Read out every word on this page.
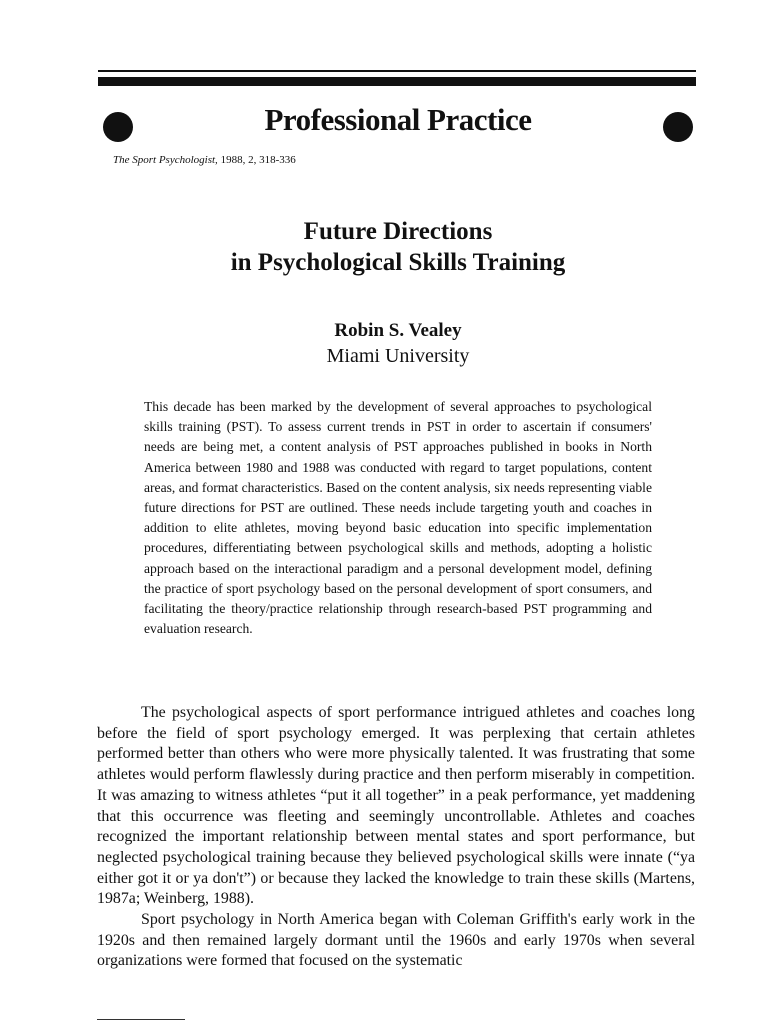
Professional Practice
The Sport Psychologist, 1988, 2, 318-336
Future Directions
in Psychological Skills Training
Robin S. Vealey
Miami University

This decade has been marked by the development of several approaches to psychological skills training (PST). To assess current trends in PST in order to ascertain if consumers' needs are being met, a content analysis of PST approaches published in books in North America between 1980 and 1988 was conducted with regard to target populations, content areas, and format characteristics. Based on the content analysis, six needs representing viable future directions for PST are outlined. These needs include targeting youth and coaches in addition to elite athletes, moving beyond basic education into specific implementation procedures, differentiating between psychological skills and methods, adopting a holistic approach based on the interactional paradigm and a personal development model, defining the practice of sport psychology based on the personal development of sport consumers, and facilitating the theory/practice relationship through research-based PST programming and evaluation research.

The psychological aspects of sport performance intrigued athletes and coaches long before the field of sport psychology emerged. It was perplexing that certain athletes performed better than others who were more physically talented. It was frustrating that some athletes would perform flawlessly during practice and then perform miserably in competition. It was amazing to witness athletes “put it all together” in a peak performance, yet maddening that this occurrence was fleeting and seemingly uncontrollable. Athletes and coaches recognized the important relationship between mental states and sport performance, but neglected psychological training because they believed psychological skills were innate (“ya either got it or ya don't”) or because they lacked the knowledge to train these skills (Martens, 1987a; Weinberg, 1988).

Sport psychology in North America began with Coleman Griffith's early work in the 1920s and then remained largely dormant until the 1960s and early 1970s when several organizations were formed that focused on the systematic
